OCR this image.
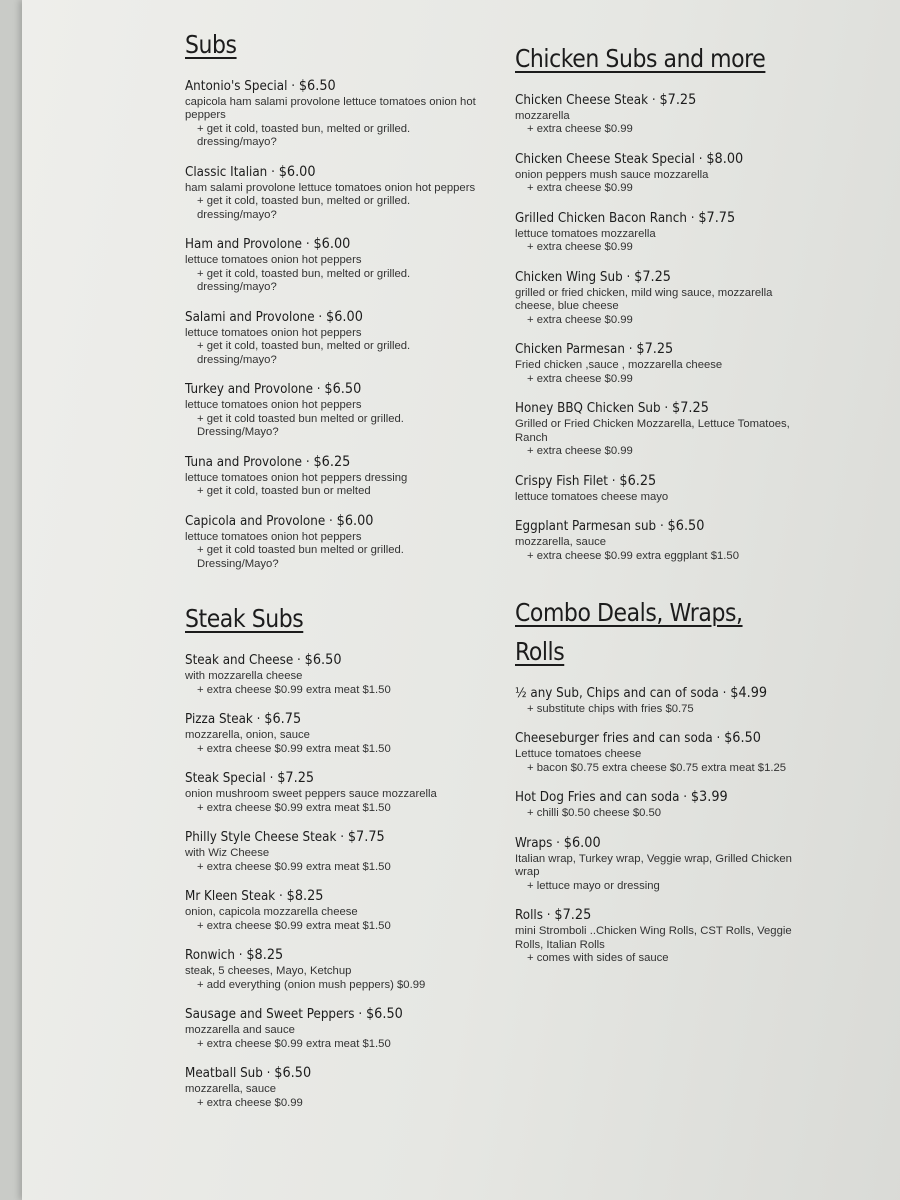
Subs
Antonio's Special · $6.50
capicola ham salami provolone lettuce tomatoes onion hot peppers
+ get it cold, toasted bun, melted or grilled. dressing/mayo?
Classic Italian · $6.00
ham salami provolone lettuce tomatoes onion hot peppers
+ get it cold, toasted bun, melted or grilled. dressing/mayo?
Ham and Provolone · $6.00
lettuce tomatoes onion hot peppers
+ get it cold, toasted bun, melted or grilled. dressing/mayo?
Salami and Provolone · $6.00
lettuce tomatoes onion hot peppers
+ get it cold, toasted bun, melted or grilled. dressing/mayo?
Turkey and Provolone · $6.50
lettuce tomatoes onion hot peppers
+ get it cold toasted bun melted or grilled. Dressing/Mayo?
Tuna and Provolone · $6.25
lettuce tomatoes onion hot peppers dressing
+ get it cold, toasted bun or melted
Capicola and Provolone · $6.00
lettuce tomatoes onion hot peppers
+ get it cold toasted bun melted or grilled. Dressing/Mayo?
Steak Subs
Steak and Cheese · $6.50
with mozzarella cheese
+ extra cheese $0.99 extra meat $1.50
Pizza Steak · $6.75
mozzarella, onion, sauce
+ extra cheese $0.99 extra meat $1.50
Steak Special · $7.25
onion mushroom sweet peppers sauce mozzarella
+ extra cheese $0.99 extra meat $1.50
Philly Style Cheese Steak · $7.75
with Wiz Cheese
+ extra cheese $0.99 extra meat $1.50
Mr Kleen Steak · $8.25
onion, capicola mozzarella cheese
+ extra cheese $0.99 extra meat $1.50
Ronwich · $8.25
steak, 5 cheeses, Mayo, Ketchup
+ add everything (onion mush peppers) $0.99
Sausage and Sweet Peppers · $6.50
mozzarella and sauce
+ extra cheese $0.99 extra meat $1.50
Meatball Sub · $6.50
mozzarella, sauce
+ extra cheese $0.99
Chicken Subs and more
Chicken Cheese Steak · $7.25
mozzarella
+ extra cheese $0.99
Chicken Cheese Steak Special · $8.00
onion peppers mush sauce mozzarella
+ extra cheese $0.99
Grilled Chicken Bacon Ranch · $7.75
lettuce tomatoes mozzarella
+ extra cheese $0.99
Chicken Wing Sub · $7.25
grilled or fried chicken, mild wing sauce, mozzarella cheese, blue cheese
+ extra cheese $0.99
Chicken Parmesan · $7.25
Fried chicken ,sauce , mozzarella cheese
+ extra cheese $0.99
Honey BBQ Chicken Sub · $7.25
Grilled or Fried Chicken Mozzarella, Lettuce Tomatoes, Ranch
+ extra cheese $0.99
Crispy Fish Filet · $6.25
lettuce tomatoes cheese mayo
Eggplant Parmesan sub · $6.50
mozzarella, sauce
+ extra cheese $0.99 extra eggplant $1.50
Combo Deals, Wraps, Rolls
½ any Sub, Chips and can of soda · $4.99
+ substitute chips with fries $0.75
Cheeseburger fries and can soda · $6.50
Lettuce tomatoes cheese
+ bacon $0.75 extra cheese $0.75 extra meat $1.25
Hot Dog Fries and can soda · $3.99
+ chilli $0.50 cheese $0.50
Wraps · $6.00
Italian wrap, Turkey wrap, Veggie wrap, Grilled Chicken wrap
+ lettuce mayo or dressing
Rolls · $7.25
mini Stromboli ..Chicken Wing Rolls, CST Rolls, Veggie Rolls, Italian Rolls
+ comes with sides of sauce
